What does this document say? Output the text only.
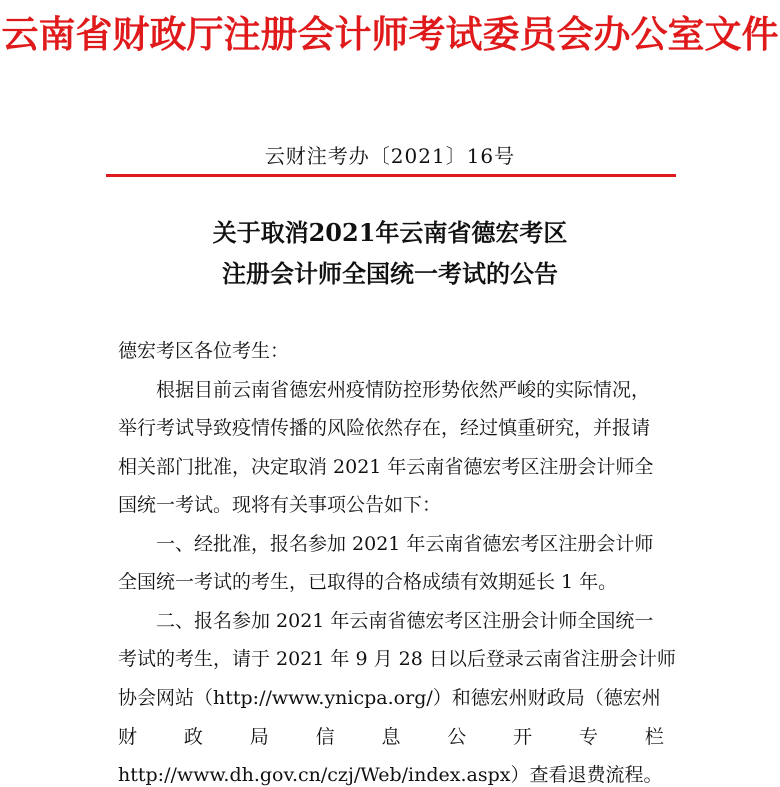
云南省财政厅注册会计师考试委员会办公室文件
云财注考办〔2021〕16号
关于取消2021年云南省德宏考区
注册会计师全国统一考试的公告
德宏考区各位考生：
　　根据目前云南省德宏州疫情防控形势依然严峻的实际情况，
举行考试导致疫情传播的风险依然存在，经过慎重研究，并报请
相关部门批准，决定取消 2021 年云南省德宏考区注册会计师全
国统一考试。现将有关事项公告如下：
　　一、经批准，报名参加 2021 年云南省德宏考区注册会计师
全国统一考试的考生，已取得的合格成绩有效期延长 1 年。
　　二、报名参加 2021 年云南省德宏考区注册会计师全国统一
考试的考生，请于 2021 年 9 月 28 日以后登录云南省注册会计师
协会网站（http://www.ynicpa.org/）和德宏州财政局（德宏州
财 政 局 信 息 公 开 专 栏
http://www.dh.gov.cn/czj/Web/index.aspx）查看退费流程。
